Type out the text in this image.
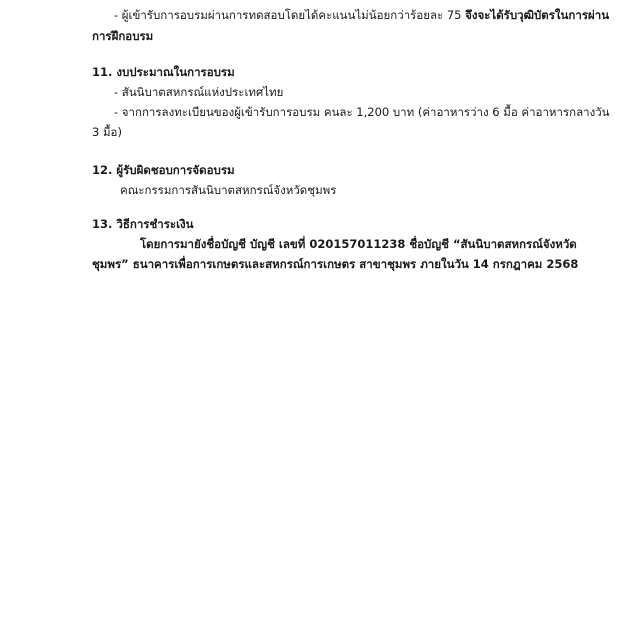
- ผู้เข้ารับการอบรมผ่านการทดสอบโดยได้คะแนนไม่น้อยกว่าร้อยละ 75 จึงจะได้รับวุฒิบัตรในการผ่าน
การฝึกอบรม
11. งบประมาณในการอบรม
- สันนิบาตสหกรณ์แห่งประเทศไทย
- จากการลงทะเบียนของผู้เข้ารับการอบรม คนละ 1,200 บาท (ค่าอาหารว่าง 6 มื้อ ค่าอาหารกลางวัน
3 มื้อ)
12. ผู้รับผิดชอบการจัดอบรม
คณะกรรมการสันนิบาตสหกรณ์จังหวัดชุมพร
13. วิธีการชำระเงิน
โดยการมายังชื่อบัญชี บัญชี เลขที่ 020157011238 ชื่อบัญชี “สันนิบาตสหกรณ์จังหวัด
ชุมพร” ธนาคารเพื่อการเกษตรและสหกรณ์การเกษตร สาขาชุมพร ภายในวัน 14 กรกฎาคม 2568
